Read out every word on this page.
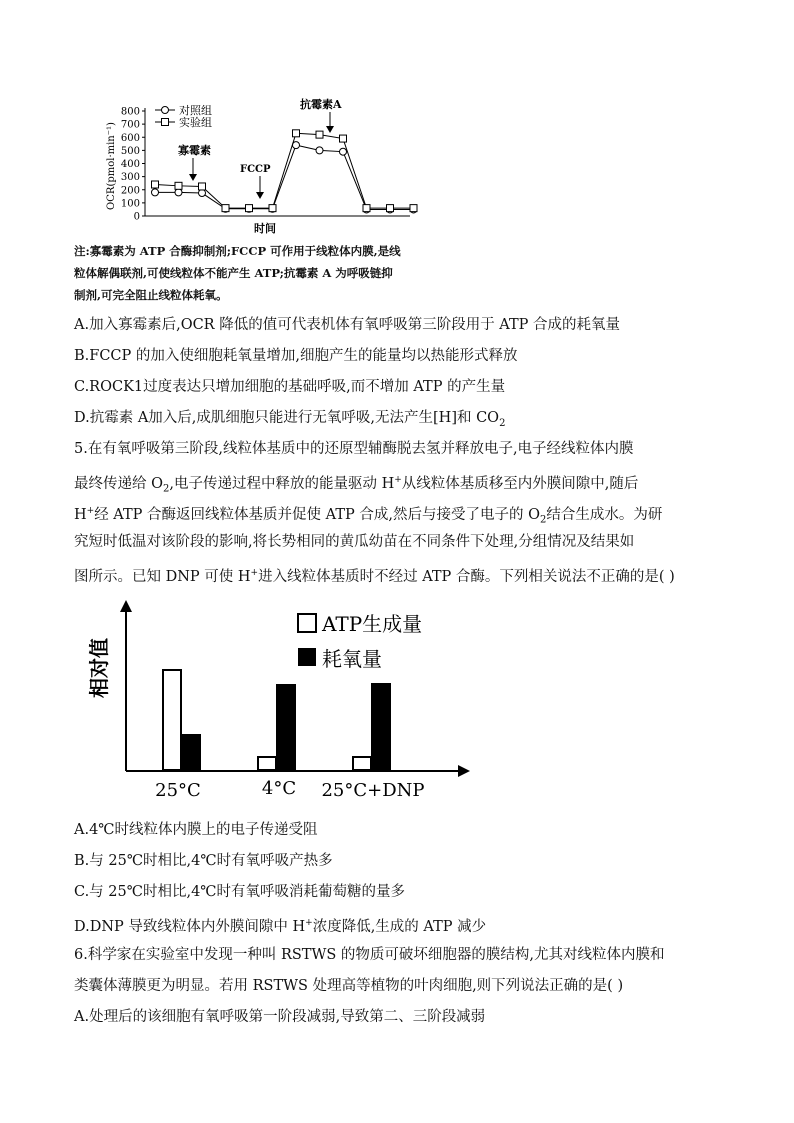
0
100
200
300
400
500
600
700
800
OCR(pmol·min⁻¹)
时间
对照组
实验组
寡霉素
FCCP
抗霉素A
注:寡霉素为 ATP 合酶抑制剂;FCCP 可作用于线粒体内膜,是线
粒体解偶联剂,可使线粒体不能产生 ATP;抗霉素 A 为呼吸链抑
制剂,可完全阻止线粒体耗氧。
A.加入寡霉素后,OCR 降低的值可代表机体有氧呼吸第三阶段用于 ATP 合成的耗氧量
B.FCCP 的加入使细胞耗氧量增加,细胞产生的能量均以热能形式释放
C.ROCK1过度表达只增加细胞的基础呼吸,而不增加 ATP 的产生量
D.抗霉素 A加入后,成肌细胞只能进行无氧呼吸,无法产生[H]和 $CO_2$
5.在有氧呼吸第三阶段,线粒体基质中的还原型辅酶脱去氢并释放电子,电子经线粒体内膜
最终传递给 $O_2$,电子传递过程中释放的能量驱动 H+从线粒体基质移至内外膜间隙中,随后
H+经 ATP 合酶返回线粒体基质并促使 ATP 合成,然后与接受了电子的 $O_2$结合生成水。为研
究短时低温对该阶段的影响,将长势相同的黄瓜幼苗在不同条件下处理,分组情况及结果如
图所示。已知 DNP 可使 H+进入线粒体基质时不经过 ATP 合酶。下列相关说法不正确的是( )
相对值
ATP生成量
耗氧量
25°C	4°C 25°C+DNP
A.4℃时线粒体内膜上的电子传递受阻
B.与 25℃时相比,4℃时有氧呼吸产热多
C.与 25℃时相比,4℃时有氧呼吸消耗葡萄糖的量多
D.DNP 导致线粒体内外膜间隙中 H+浓度降低,生成的 ATP 减少
6.科学家在实验室中发现一种叫 RSTWS 的物质可破坏细胞器的膜结构,尤其对线粒体内膜和
类囊体薄膜更为明显。若用 RSTWS 处理高等植物的叶肉细胞,则下列说法正确的是( )
A.处理后的该细胞有氧呼吸第一阶段减弱,导致第二、三阶段减弱
